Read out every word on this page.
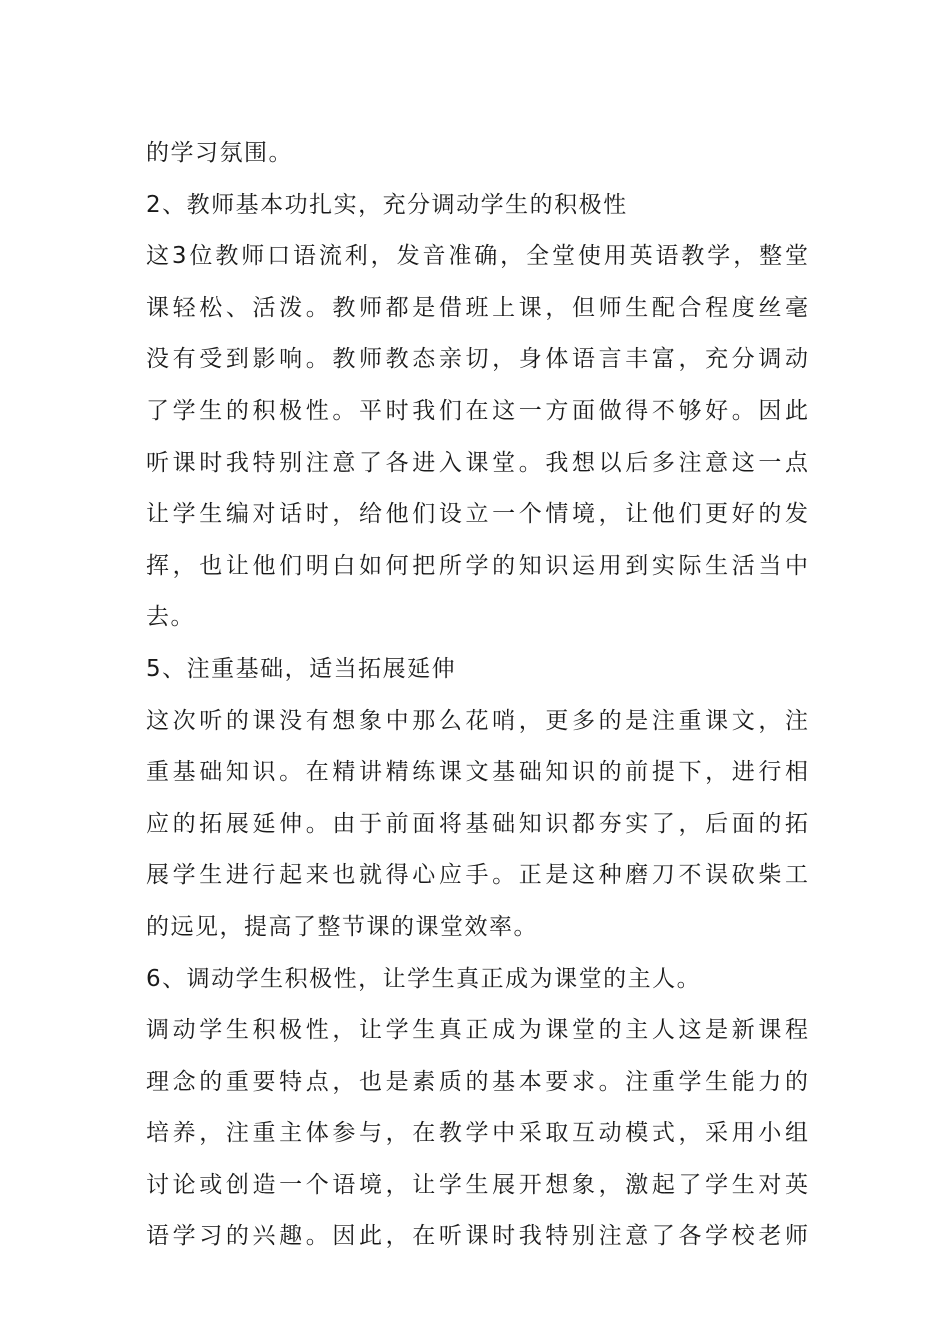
的学习氛围。
2、教师基本功扎实，充分调动学生的积极性
这3位教师口语流利，发音准确，全堂使用英语教学，整堂
课轻松、活泼。教师都是借班上课，但师生配合程度丝毫
没有受到影响。教师教态亲切，身体语言丰富，充分调动
了学生的积极性。平时我们在这一方面做得不够好。因此
听课时我特别注意了各进入课堂。我想以后多注意这一点
让学生编对话时，给他们设立一个情境，让他们更好的发
挥，也让他们明白如何把所学的知识运用到实际生活当中
去。
5、注重基础，适当拓展延伸
这次听的课没有想象中那么花哨，更多的是注重课文，注
重基础知识。在精讲精练课文基础知识的前提下，进行相
应的拓展延伸。由于前面将基础知识都夯实了，后面的拓
展学生进行起来也就得心应手。正是这种磨刀不误砍柴工
的远见，提高了整节课的课堂效率。
6、调动学生积极性，让学生真正成为课堂的主人。
调动学生积极性，让学生真正成为课堂的主人这是新课程
理念的重要特点，也是素质的基本要求。注重学生能力的
培养，注重主体参与，在教学中采取互动模式，采用小组
讨论或创造一个语境，让学生展开想象，激起了学生对英
语学习的兴趣。因此，在听课时我特别注意了各学校老师
